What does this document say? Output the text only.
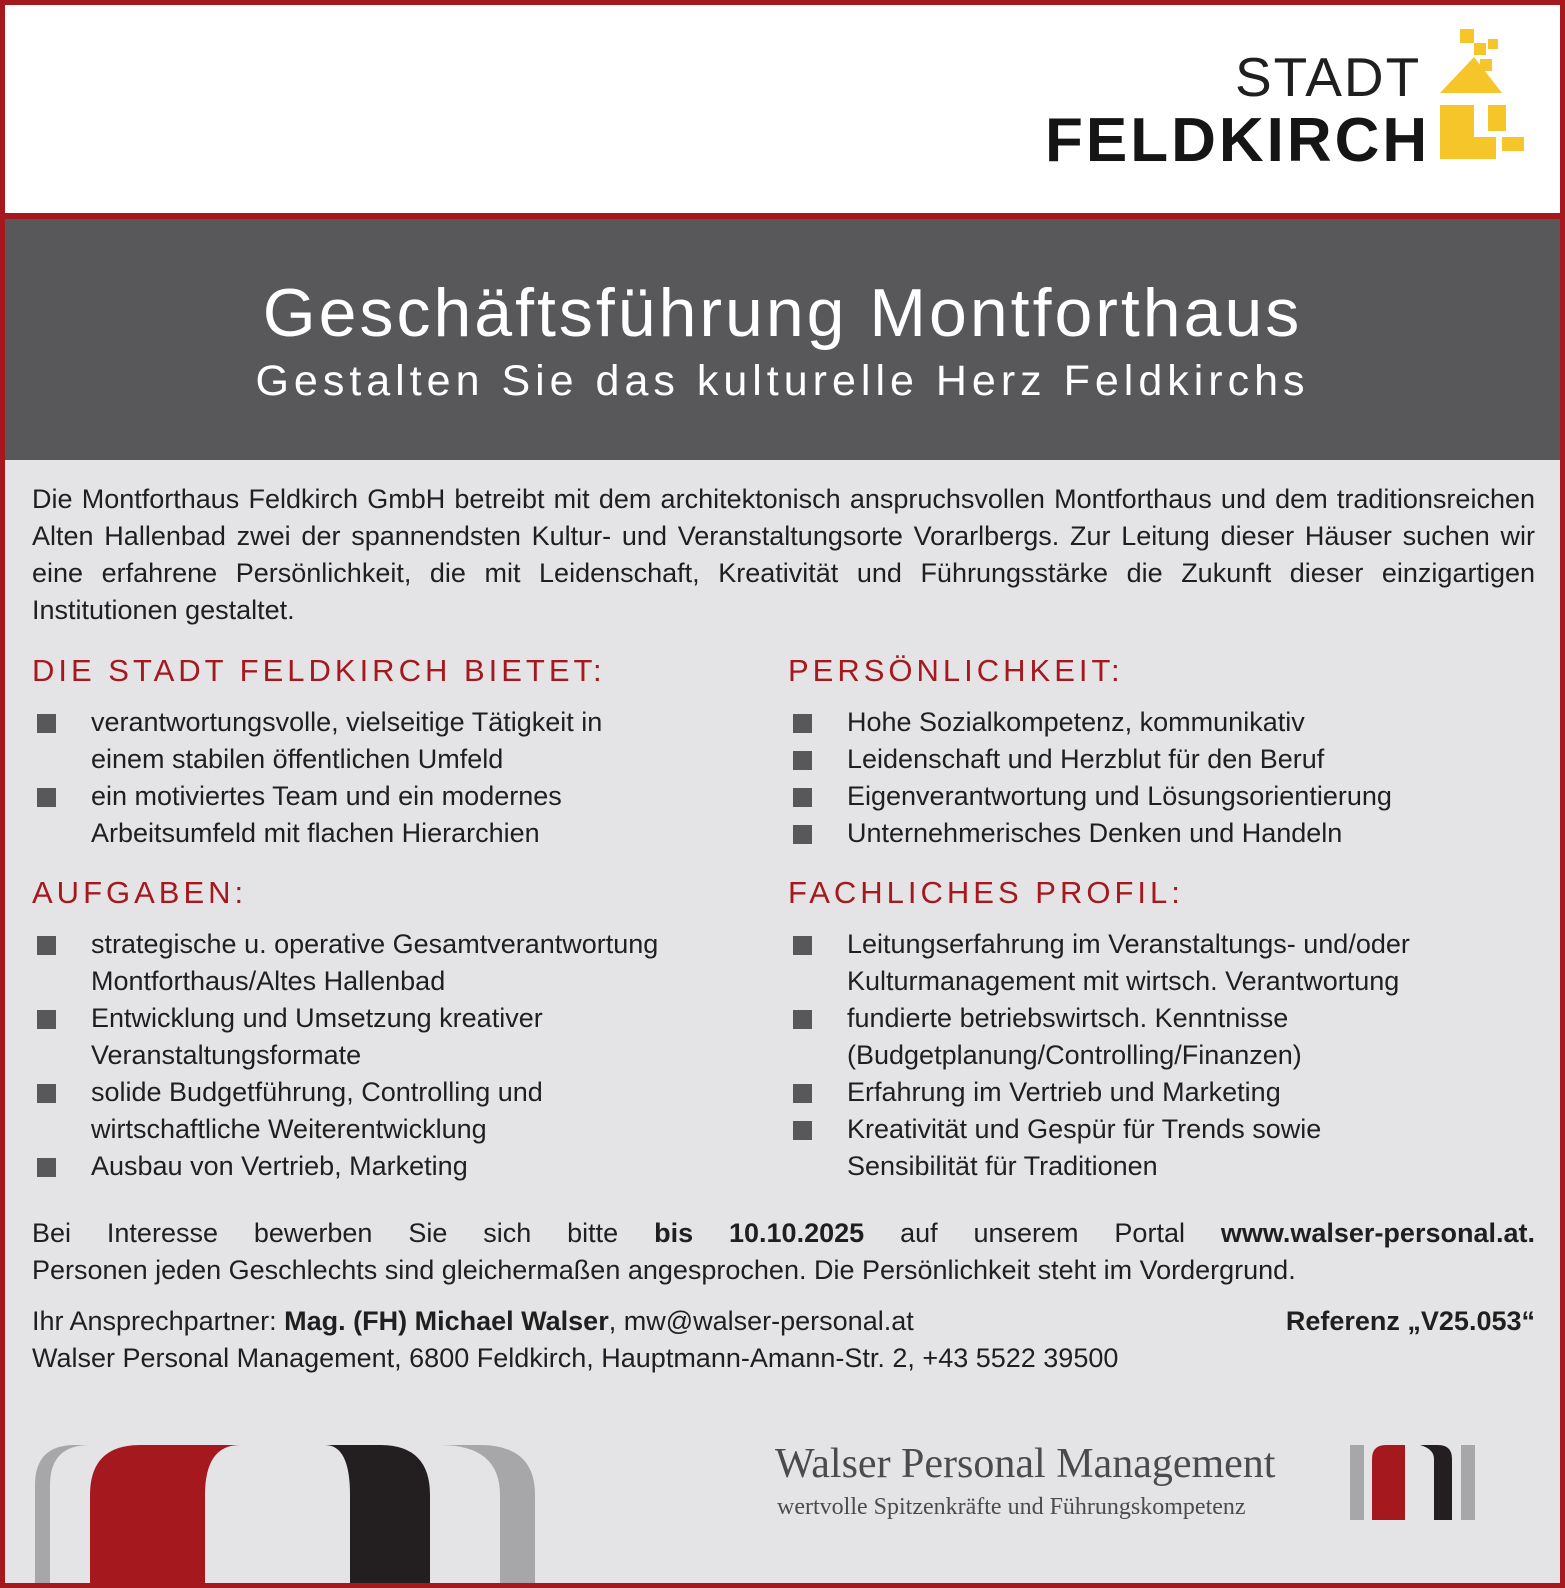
STADT
FELDKIRCH
Geschäftsführung Montforthaus
Gestalten Sie das kulturelle Herz Feldkirchs
Die Montforthaus Feldkirch GmbH betreibt mit dem architektonisch anspruchsvollen Montforthaus und dem traditionsreichen Alten Hallenbad zwei der spannendsten Kultur- und Veranstaltungsorte Vorarlbergs. Zur Leitung dieser Häuser suchen wir eine erfahrene Persönlichkeit, die mit Leidenschaft, Kreativität und Führungsstärke die Zukunft dieser einzigartigen Institutionen gestaltet.
DIE STADT FELDKIRCH BIETET:
verantwortungsvolle, vielseitige Tätigkeit in
einem stabilen öffentlichen Umfeld
ein motiviertes Team und ein modernes
Arbeitsumfeld mit flachen Hierarchien
AUFGABEN:
strategische u. operative Gesamtverantwortung
Montforthaus/Altes Hallenbad
Entwicklung und Umsetzung kreativer
Veranstaltungsformate
solide Budgetführung, Controlling und
wirtschaftliche Weiterentwicklung
Ausbau von Vertrieb, Marketing
PERSÖNLICHKEIT:
Hohe Sozialkompetenz, kommunikativ
Leidenschaft und Herzblut für den Beruf
Eigenverantwortung und Lösungsorientierung
Unternehmerisches Denken und Handeln
FACHLICHES PROFIL:
Leitungserfahrung im Veranstaltungs- und/oder
Kulturmanagement mit wirtsch. Verantwortung
fundierte betriebswirtsch. Kenntnisse
(Budgetplanung/Controlling/Finanzen)
Erfahrung im Vertrieb und Marketing
Kreativität und Gespür für Trends sowie
Sensibilität für Traditionen
Bei Interesse bewerben Sie sich bitte bis 10.10.2025 auf unserem Portal www.walser-personal.at.
Personen jeden Geschlechts sind gleichermaßen angesprochen. Die Persönlichkeit steht im Vordergrund.
Ihr Ansprechpartner: Mag. (FH) Michael Walser, mw@walser-personal.at	Referenz „V25.053“
Walser Personal Management, 6800 Feldkirch, Hauptmann-Amann-Str. 2, +43 5522 39500
Walser Personal Management
wertvolle Spitzenkräfte und Führungskompetenz
